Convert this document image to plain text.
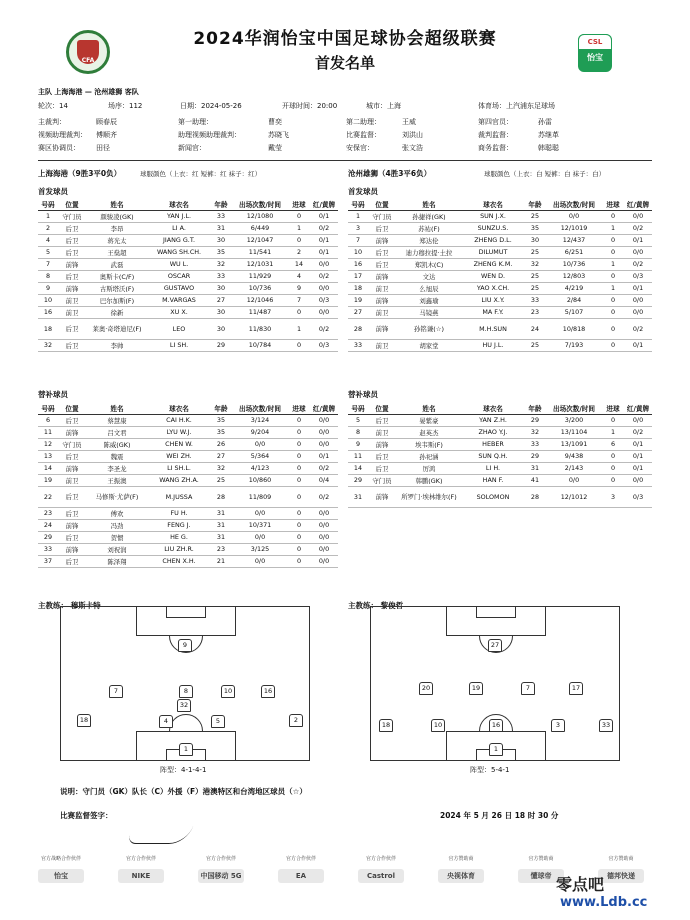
CFA
2024华润怡宝中国足球协会超级联赛
首发名单
CSL
怡宝
主队 上海海港 — 沧州雄狮 客队
轮次：14	场序：112	日期：2024-05-26	开球时间：20:00	城市：上海	体育场：上汽浦东足球场
主裁判：	顾春辰	第一助理：	曹奕	第二助理：	王威	第四官员：	孙雷
视频助理裁判： 傅顺齐	助理视频助理裁判：	苏晓飞	比赛监督：	刘洪山	裁判监督：	苏继革
赛区协调员： 田径	新闻官：	戴莹	安保官：	张文浩	商务监督：	韩聪聪
上海海港（9胜3平0负）	球服颜色（上衣：红 短裤：红 袜子：红）	沧州雄狮（4胜3平6负）	球服颜色（上衣：白 短裤：白 袜子：白）
首发球员	首发球员
号码	位置	姓名	球衣名	年龄	出场次数/时间	进球	红/黄牌
1	守门员	颜骏凌(GK)	YAN J.L.	33	12/1080	0	0/1
2	后卫	李昂	LI A.	31	6/449	1	0/2
4	后卫	蒋光太	JIANG G.T.	30	12/1047	0	0/1
5	后卫	王燊超	WANG SH.CH.	35	11/541	2	0/1
7	前锋	武磊	WU L.	32	12/1031	14	0/0
8	后卫	奥斯卡(C/F)	OSCAR	33	11/929	4	0/2
9	前锋	古斯塔沃(F)	GUSTAVO	30	10/736	9	0/0
10	前卫	巴尔加斯(F)	M.VARGAS	27	12/1046	7	0/3
16	前卫	徐新	XU X.	30	11/487	0	0/0
18	后卫	莱奥·奇塔迪尼(F)	LEO	30	11/830	1	0/2
32	后卫	李帅	LI SH.	29	10/784	0	0/3
号码	位置	姓名	球衣名	年龄	出场次数/时间	进球	红/黄牌
1	守门员	孙捷祥(GK)	SUN J.X.	25	0/0	0	0/0
3	后卫	苏祐(F)	SUNZU.S.	35	12/1019	1	0/2
7	前锋	郑达伦	ZHENG D.L.	30	12/437	0	0/1
10	后卫	迪力穆拉提·土拉	DILUMUT	25	6/251	0	0/0
16	后卫	郑凯木(C)	ZHENG K.M.	32	10/736	1	0/2
17	前锋	文达	WEN D.	25	12/803	0	0/3
18	前卫	么旭辰	YAO X.CH.	25	4/219	1	0/1
19	前锋	刘鑫瑜	LIU X.Y.	33	2/84	0	0/0
27	前卫	马镜燕	MA F.Y.	23	5/107	0	0/0
28	前锋	孙铭谦(☆)	M.H.SUN	24	10/818	0	0/2
33	前卫	胡家堂	HU J.L.	25	7/193	0	0/1
替补球员	替补球员
号码	位置	姓名	球衣名	年龄	出场次数/时间	进球	红/黄牌
6	后卫	蔡慧康	CAI H.K.	35	3/124	0	0/0
11	前锋	吕文君	LYU W.J.	35	9/204	0	0/0
12	守门员	陈威(GK)	CHEN W.	26	0/0	0	0/0
13	后卫	魏震	WEI ZH.	27	5/364	0	0/1
14	前锋	李圣龙	LI SH.L.	32	4/123	0	0/2
19	前卫	王振澳	WANG ZH.A.	25	10/860	0	0/4
22	后卫	马修斯·尤萨(F)	M.JUSSA	28	11/809	0	0/2
23	后卫	傅欢	FU H.	31	0/0	0	0/0
24	前锋	冯劲	FENG J.	31	10/371	0	0/0
29	后卫	贺惯	HE G.	31	0/0	0	0/0
33	前锋	刘祝润	LIU ZH.R.	23	3/125	0	0/0
37	后卫	陈泽翔	CHEN X.H.	21	0/0	0	0/0
号码	位置	姓名	球衣名	年龄	出场次数/时间	进球	红/黄牌
5	后卫	晏紫豪	YAN Z.H.	29	3/200	0	0/0
8	前卫	赵英杰	ZHAO Y.J.	32	13/1104	1	0/2
9	前锋	埃韦斯(F)	HEBER	33	13/1091	6	0/1
11	后卫	孙祀涵	SUN Q.H.	29	9/438	0	0/1
14	后卫	厉鸿	LI H.	31	2/143	0	0/1
29	守门员	韩鹏(GK)	HAN F.	41	0/0	0	0/0
31	前锋	所罗门·埃林维尔(F)	SOLOMON	28	12/1012	3	0/3
主教练： 穆斯卡特	主教练： 黎俊哲
9
7	8	10	16
32
18	4	5
1
2
阵型：4-1-4-1
27
20	19	7	17
18	10	16	3	33
1
阵型：5-4-1
说明：守门员（GK）队长（C）外援（F）港澳特区和台湾地区球员（☆）
比赛监督签字：	2024 年 5 月 26 日 18 时 30 分
官方战略合作伙伴
怡宝
官方合作伙伴
NIKE
官方合作伙伴
中国移动 5G
官方合作伙伴
EA
官方合作伙伴
Castrol
官方赞助商
央视体育
官方赞助商
懂球帝
官方赞助商
德邦快递
零点吧
www.Ldb.cc
